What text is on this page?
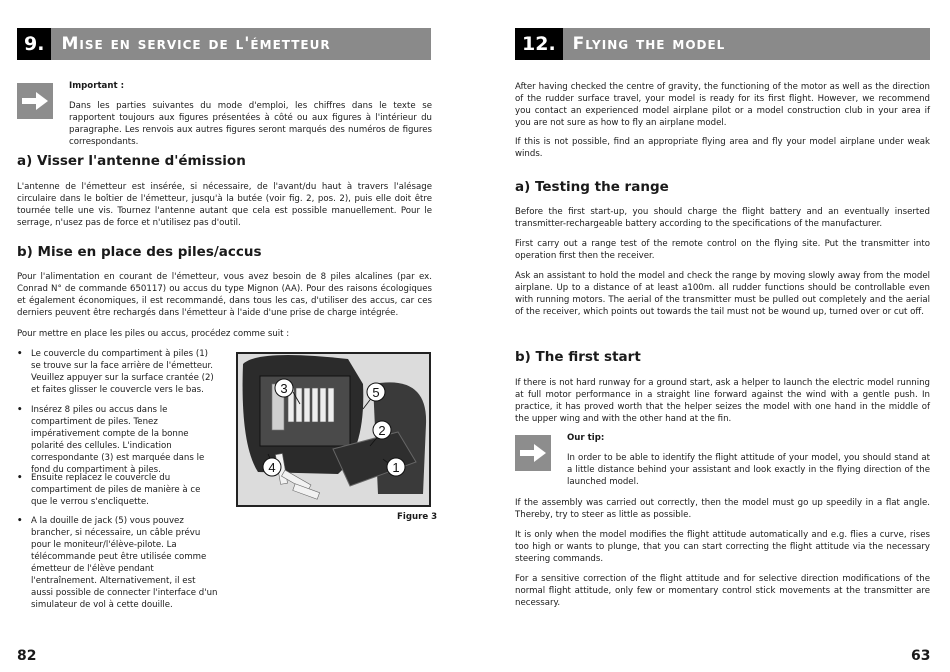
9.	Mise en service de l'émetteur
Important :
Dans les parties suivantes du mode d'emploi, les chiffres dans le texte se rapportent toujours aux figures présentées à côté ou aux figures à l'intérieur du paragraphe. Les renvois aux autres figures seront marqués des numéros de figures correspondants.
a) Visser l'antenne d'émission
L'antenne de l'émetteur est insérée, si nécessaire, de l'avant/du haut à travers l'alésage circulaire dans le boîtier de l'émetteur, jusqu'à la butée (voir fig. 2, pos. 2), puis elle doit être tournée telle une vis. Tournez l'antenne autant que cela est possible manuellement. Pour le serrage, n'usez pas de force et n'utilisez pas d'outil.
b) Mise en place des piles/accus
Pour l'alimentation en courant de l'émetteur, vous avez besoin de 8 piles alcalines (par ex. Conrad N° de commande 650117) ou accus du type Mignon (AA). Pour des raisons écologiques et également économiques, il est recommandé, dans tous les cas, d'utiliser des accus, car ces derniers peuvent être rechargés dans l'émetteur à l'aide d'une prise de charge intégrée.
Pour mettre en place les piles ou accus, procédez comme suit :
• Le couvercle du compartiment à piles (1) se trouve sur la face arrière de l'émetteur. Veuillez appuyer sur la surface crantée (2) et faites glisser le couvercle vers le bas.
• Insérez 8 piles ou accus dans le compartiment de piles. Tenez impérativement compte de la bonne polarité des cellules. L'indication correspondante (3) est marquée dans le fond du compartiment à piles.
• Ensuite replacez le couvercle du compartiment de piles de manière à ce que le verrou s'encliquette.
• A la douille de jack (5) vous pouvez brancher, si nécessaire, un câble prévu pour le moniteur/l'élève-pilote. La télécommande peut être utilisée comme émetteur de l'élève pendant l'entraînement. Alternativement, il est aussi possible de connecter l'interface d'un simulateur de vol à cette douille.
3	5
2
4	1
Figure 3
82
12.	Flying the model
After having checked the centre of gravity, the functioning of the motor as well as the direction of the rudder surface travel, your model is ready for its first flight. However, we recommend you contact an experienced model airplane pilot or a model construction club in your area if you are not sure as how to fly an airplane model.
If this is not possible, find an appropriate flying area and fly your model airplane under weak winds.
a) Testing the range
Before the first start-up, you should charge the flight battery and an eventually inserted transmitter-rechargeable battery according to the specifications of the manufacturer.
First carry out a range test of the remote control on the flying site. Put the transmitter into operation first then the receiver.
Ask an assistant to hold the model and check the range by moving slowly away from the model airplane. Up to a distance of at least a100m. all rudder functions should be controllable even with running motors. The aerial of the transmitter must be pulled out completely and the aerial of the receiver, which points out towards the tail must not be wound up, turned over or cut off.
b) The first start
If there is not hard runway for a ground start, ask a helper to launch the electric model running at full motor performance in a straight line forward against the wind with a gentle push. In practice, it has proved worth that the helper seizes the model with one hand in the middle of the upper wing and with the other hand at the fin.
Our tip:
In order to be able to identify the flight attitude of your model, you should stand at a little distance behind your assistant and look exactly in the flying direction of the launched model.
If the assembly was carried out correctly, then the model must go up speedily in a flat angle. Thereby, try to steer as little as possible.
It is only when the model modifies the flight attitude automatically and e.g. flies a curve, rises too high or wants to plunge, that you can start correcting the flight attitude via the necessary steering commands.
For a sensitive correction of the flight attitude and for selective direction modifications of the normal flight attitude, only few or momentary control stick movements at the transmitter are necessary.
63
